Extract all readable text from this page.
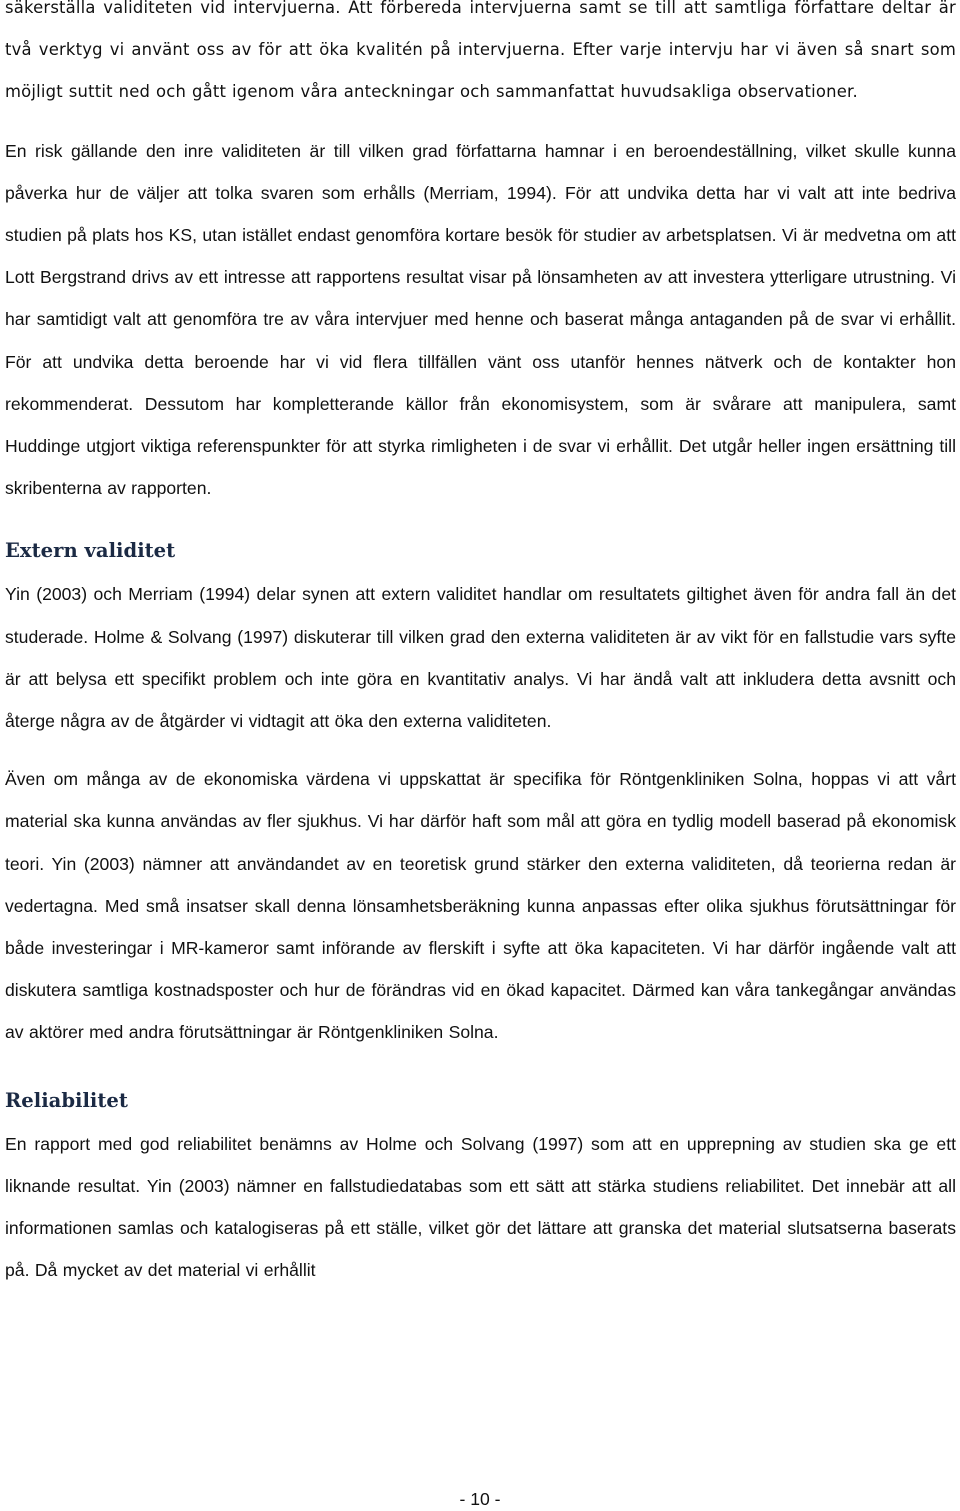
säkerställa validiteten vid intervjuerna. Att förbereda intervjuerna samt se till att samtliga författare deltar är två verktyg vi använt oss av för att öka kvalitén på intervjuerna. Efter varje intervju har vi även så snart som möjligt suttit ned och gått igenom våra anteckningar och sammanfattat huvudsakliga observationer.

En risk gällande den inre validiteten är till vilken grad författarna hamnar i en beroendeställning, vilket skulle kunna påverka hur de väljer att tolka svaren som erhålls (Merriam, 1994). För att undvika detta har vi valt att inte bedriva studien på plats hos KS, utan istället endast genomföra kortare besök för studier av arbetsplatsen. Vi är medvetna om att Lott Bergstrand drivs av ett intresse att rapportens resultat visar på lönsamheten av att investera ytterligare utrustning. Vi har samtidigt valt att genomföra tre av våra intervjuer med henne och baserat många antaganden på de svar vi erhållit. För att undvika detta beroende har vi vid flera tillfällen vänt oss utanför hennes nätverk och de kontakter hon rekommenderat. Dessutom har kompletterande källor från ekonomisystem, som är svårare att manipulera, samt Huddinge utgjort viktiga referenspunkter för att styrka rimligheten i de svar vi erhållit. Det utgår heller ingen ersättning till skribenterna av rapporten.

Extern validitet

Yin (2003) och Merriam (1994) delar synen att extern validitet handlar om resultatets giltighet även för andra fall än det studerade. Holme & Solvang (1997) diskuterar till vilken grad den externa validiteten är av vikt för en fallstudie vars syfte är att belysa ett specifikt problem och inte göra en kvantitativ analys. Vi har ändå valt att inkludera detta avsnitt och återge några av de åtgärder vi vidtagit att öka den externa validiteten.

Även om många av de ekonomiska värdena vi uppskattat är specifika för Röntgenkliniken Solna, hoppas vi att vårt material ska kunna användas av fler sjukhus. Vi har därför haft som mål att göra en tydlig modell baserad på ekonomisk teori. Yin (2003) nämner att användandet av en teoretisk grund stärker den externa validiteten, då teorierna redan är vedertagna. Med små insatser skall denna lönsamhetsberäkning kunna anpassas efter olika sjukhus förutsättningar för både investeringar i MR-kameror samt införande av flerskift i syfte att öka kapaciteten. Vi har därför ingående valt att diskutera samtliga kostnadsposter och hur de förändras vid en ökad kapacitet. Därmed kan våra tankegångar användas av aktörer med andra förutsättningar är Röntgenkliniken Solna.

Reliabilitet

En rapport med god reliabilitet benämns av Holme och Solvang (1997) som att en upprepning av studien ska ge ett liknande resultat. Yin (2003) nämner en fallstudiedatabas som ett sätt att stärka studiens reliabilitet. Det innebär att all informationen samlas och katalogiseras på ett ställe, vilket gör det lättare att granska det material slutsatserna baserats på. Då mycket av det material vi erhållit

- 10 -
